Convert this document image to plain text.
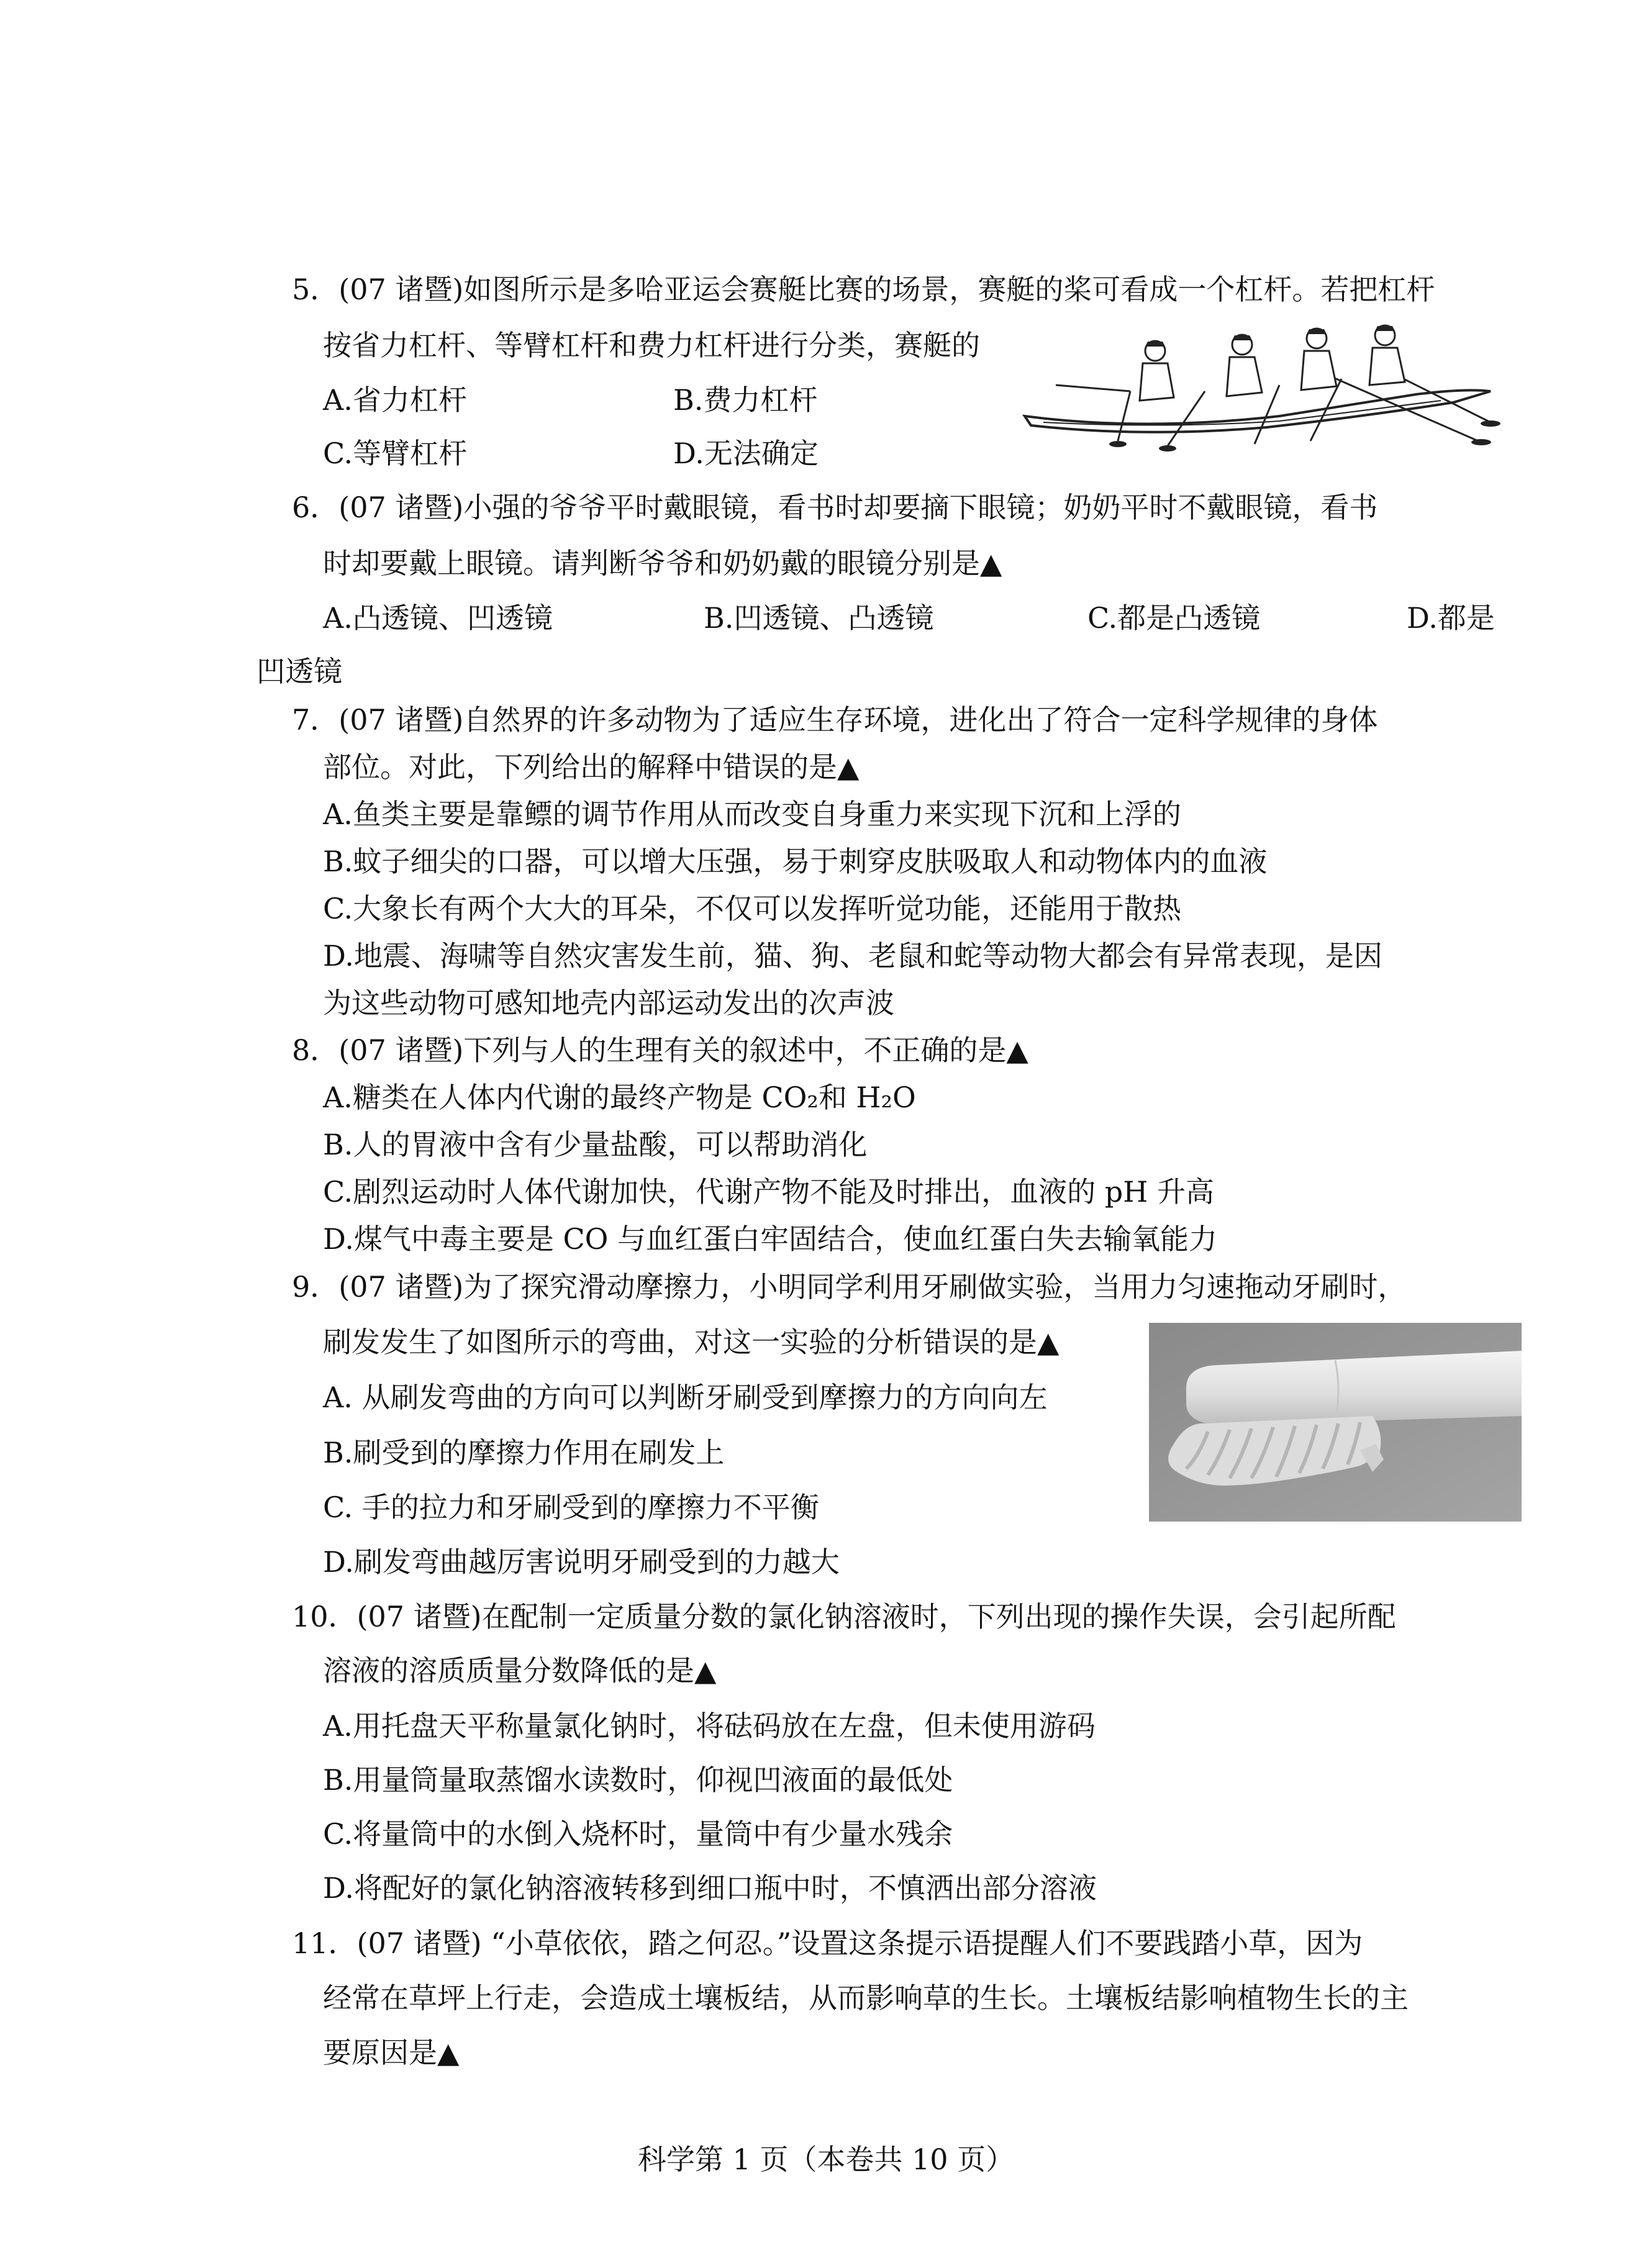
5．(07 诸暨)如图所示是多哈亚运会赛艇比赛的场景，赛艇的桨可看成一个杠杆。若把杠杆
按省力杠杆、等臂杠杆和费力杠杆进行分类，赛艇的
A.省力杠杆	B.费力杠杆
C.等臂杠杆	D.无法确定
6．(07 诸暨)小强的爷爷平时戴眼镜，看书时却要摘下眼镜；奶奶平时不戴眼镜，看书
时却要戴上眼镜。请判断爷爷和奶奶戴的眼镜分别是▲
A.凸透镜、凹透镜	B.凹透镜、凸透镜	C.都是凸透镜	D.都是
凹透镜
7．(07 诸暨)自然界的许多动物为了适应生存环境，进化出了符合一定科学规律的身体
部位。对此，下列给出的解释中错误的是▲
A.鱼类主要是靠鳔的调节作用从而改变自身重力来实现下沉和上浮的
B.蚊子细尖的口器，可以增大压强，易于刺穿皮肤吸取人和动物体内的血液
C.大象长有两个大大的耳朵，不仅可以发挥听觉功能，还能用于散热
D.地震、海啸等自然灾害发生前，猫、狗、老鼠和蛇等动物大都会有异常表现，是因
为这些动物可感知地壳内部运动发出的次声波
8．(07 诸暨)下列与人的生理有关的叙述中，不正确的是▲
A.糖类在人体内代谢的最终产物是 CO₂和 H₂O
B.人的胃液中含有少量盐酸，可以帮助消化
C.剧烈运动时人体代谢加快，代谢产物不能及时排出，血液的 pH 升高
D.煤气中毒主要是 CO 与血红蛋白牢固结合，使血红蛋白失去输氧能力
9．(07 诸暨)为了探究滑动摩擦力，小明同学利用牙刷做实验，当用力匀速拖动牙刷时，
刷发发生了如图所示的弯曲，对这一实验的分析错误的是▲
A. 从刷发弯曲的方向可以判断牙刷受到摩擦力的方向向左
B.刷受到的摩擦力作用在刷发上
C. 手的拉力和牙刷受到的摩擦力不平衡
D.刷发弯曲越厉害说明牙刷受到的力越大
10．(07 诸暨)在配制一定质量分数的氯化钠溶液时，下列出现的操作失误，会引起所配
溶液的溶质质量分数降低的是▲
A.用托盘天平称量氯化钠时，将砝码放在左盘，但未使用游码
B.用量筒量取蒸馏水读数时，仰视凹液面的最低处
C.将量筒中的水倒入烧杯时，量筒中有少量水残余
D.将配好的氯化钠溶液转移到细口瓶中时，不慎洒出部分溶液
11．(07 诸暨) “小草依依，踏之何忍。”设置这条提示语提醒人们不要践踏小草，因为
经常在草坪上行走，会造成土壤板结，从而影响草的生长。土壤板结影响植物生长的主
要原因是▲
科学第 1 页（本卷共 10 页）
